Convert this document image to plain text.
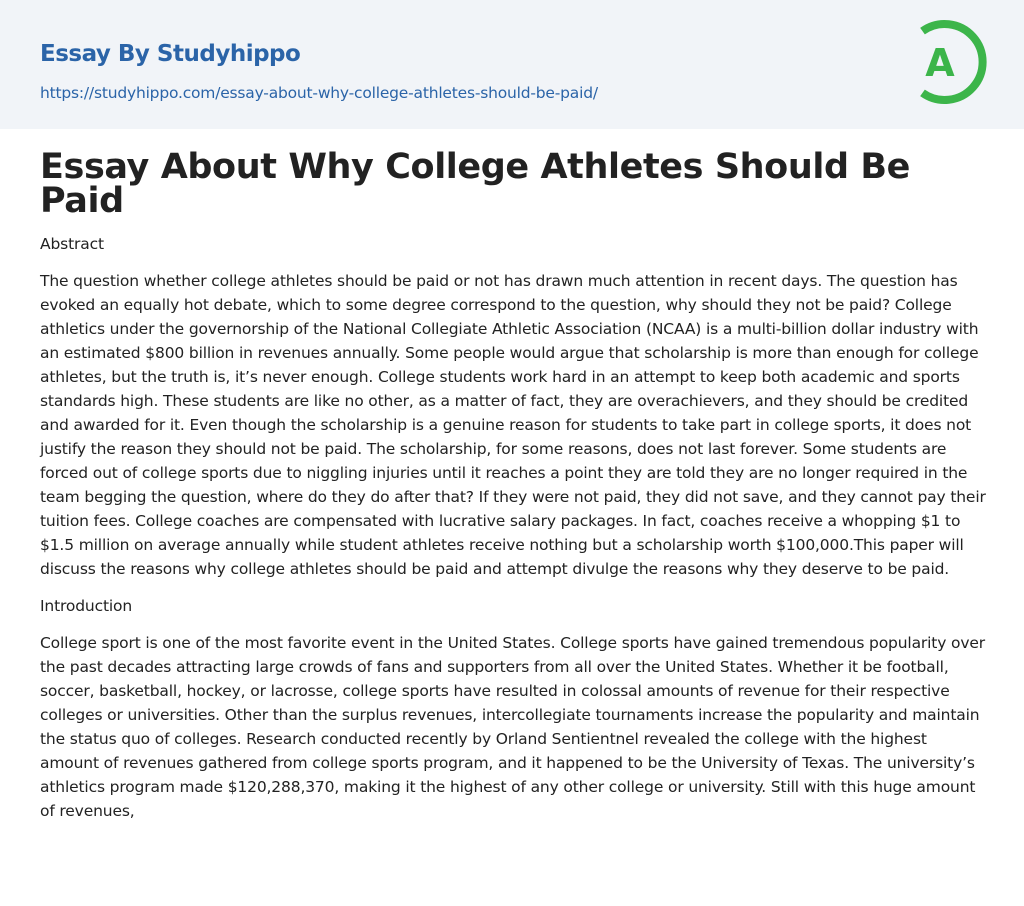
Essay By Studyhippo
https://studyhippo.com/essay-about-why-college-athletes-should-be-paid/
A
Essay About Why College Athletes Should Be Paid

Abstract

The question whether college athletes should be paid or not has drawn much attention in recent days. The question has evoked an equally hot debate, which to some degree correspond to the question, why should they not be paid? College athletics under the governorship of the National Collegiate Athletic Association (NCAA) is a multi-billion dollar industry with an estimated $800 billion in revenues annually. Some people would argue that scholarship is more than enough for college athletes, but the truth is, it’s never enough. College students work hard in an attempt to keep both academic and sports standards high. These students are like no other, as a matter of fact, they are overachievers, and they should be credited and awarded for it. Even though the scholarship is a genuine reason for students to take part in college sports, it does not justify the reason they should not be paid. The scholarship, for some reasons, does not last forever. Some students are forced out of college sports due to niggling injuries until it reaches a point they are told they are no longer required in the team begging the question, where do they do after that? If they were not paid, they did not save, and they cannot pay their tuition fees. College coaches are compensated with lucrative salary packages. In fact, coaches receive a whopping $1 to $1.5 million on average annually while student athletes receive nothing but a scholarship worth $100,000.This paper will discuss the reasons why college athletes should be paid and attempt divulge the reasons why they deserve to be paid.

Introduction

College sport is one of the most favorite event in the United States. College sports have gained tremendous popularity over the past decades attracting large crowds of fans and supporters from all over the United States. Whether it be football, soccer, basketball, hockey, or lacrosse, college sports have resulted in colossal amounts of revenue for their respective colleges or universities. Other than the surplus revenues, intercollegiate tournaments increase the popularity and maintain the status quo of colleges. Research conducted recently by Orland Sentientnel revealed the college with the highest amount of revenues gathered from college sports program, and it happened to be the University of Texas. The university’s athletics program made $120,288,370, making it the highest of any other college or university. Still with this huge amount of revenues,
